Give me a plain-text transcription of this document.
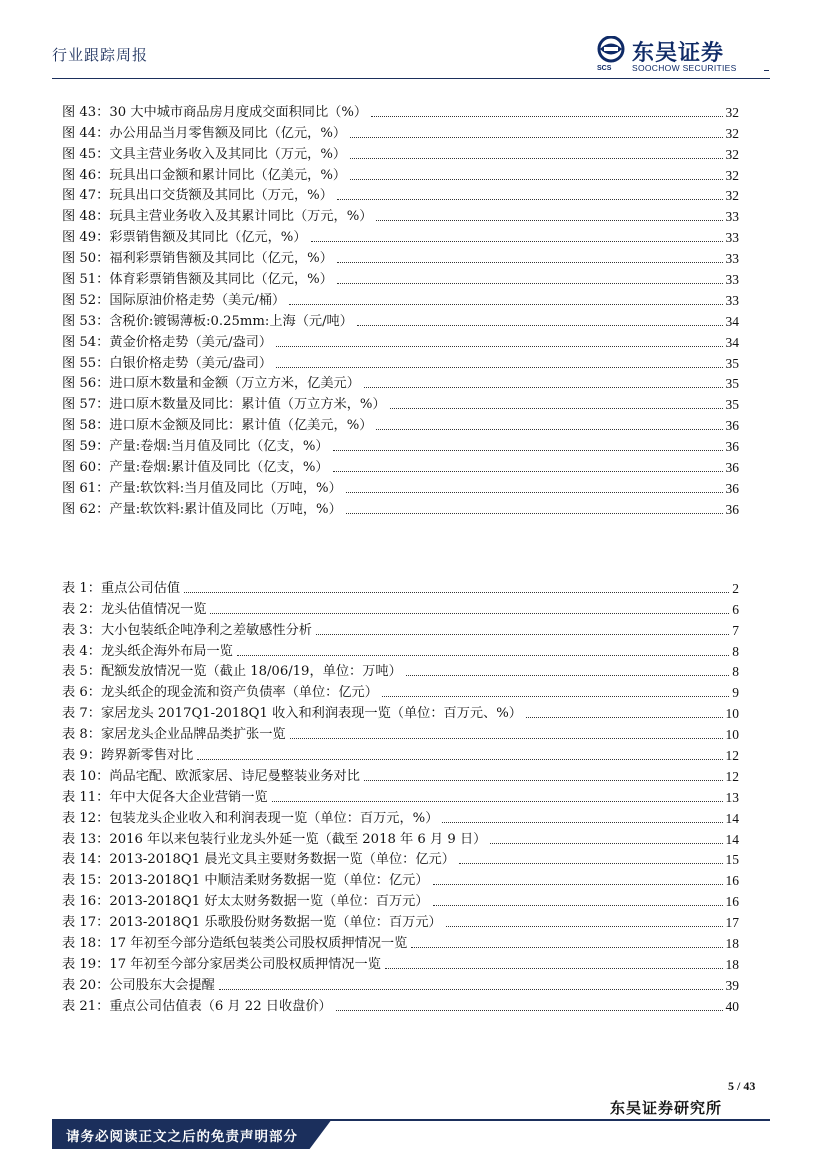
行业跟踪周报
SCS
东吴证券
SOOCHOW SECURITIES
图 43：30 大中城市商品房月度成交面积同比（%）	32
图 44：办公用品当月零售额及同比（亿元，%）	32
图 45：文具主营业务收入及其同比（万元，%）	32
图 46：玩具出口金额和累计同比（亿美元，%）	32
图 47：玩具出口交货额及其同比（万元，%）	32
图 48：玩具主营业务收入及其累计同比（万元，%）	33
图 49：彩票销售额及其同比（亿元，%）	33
图 50：福利彩票销售额及其同比（亿元，%）	33
图 51：体育彩票销售额及其同比（亿元，%）	33
图 52：国际原油价格走势（美元/桶）	33
图 53：含税价:镀锡薄板:0.25mm:上海（元/吨）	34
图 54：黄金价格走势（美元/盎司）	34
图 55：白银价格走势（美元/盎司）	35
图 56：进口原木数量和金额（万立方米，亿美元）	35
图 57：进口原木数量及同比：累计值（万立方米，%）	35
图 58：进口原木金额及同比：累计值（亿美元，%）	36
图 59：产量:卷烟:当月值及同比（亿支，%）	36
图 60：产量:卷烟:累计值及同比（亿支，%）	36
图 61：产量:软饮料:当月值及同比（万吨，%）	36
图 62：产量:软饮料:累计值及同比（万吨，%）	36
表 1：重点公司估值	2
表 2：龙头估值情况一览	6
表 3：大小包装纸企吨净利之差敏感性分析	7
表 4：龙头纸企海外布局一览	8
表 5：配额发放情况一览（截止 18/06/19，单位：万吨）	8
表 6：龙头纸企的现金流和资产负债率（单位：亿元）	9
表 7：家居龙头 2017Q1-2018Q1 收入和利润表现一览（单位：百万元、%）	10
表 8：家居龙头企业品牌品类扩张一览	10
表 9：跨界新零售对比	12
表 10：尚品宅配、欧派家居、诗尼曼整装业务对比	12
表 11：年中大促各大企业营销一览	13
表 12：包装龙头企业收入和利润表现一览（单位：百万元，%）	14
表 13：2016 年以来包装行业龙头外延一览（截至 2018 年 6 月 9 日）	14
表 14：2013-2018Q1 晨光文具主要财务数据一览（单位：亿元）	15
表 15：2013-2018Q1 中顺洁柔财务数据一览（单位：亿元）	16
表 16：2013-2018Q1 好太太财务数据一览（单位：百万元）	16
表 17：2013-2018Q1 乐歌股份财务数据一览（单位：百万元）	17
表 18：17 年初至今部分造纸包装类公司股权质押情况一览	18
表 19：17 年初至今部分家居类公司股权质押情况一览	18
表 20：公司股东大会提醒	39
表 21：重点公司估值表（6 月 22 日收盘价）	40
5 / 43
东吴证券研究所
请务必阅读正文之后的免责声明部分
